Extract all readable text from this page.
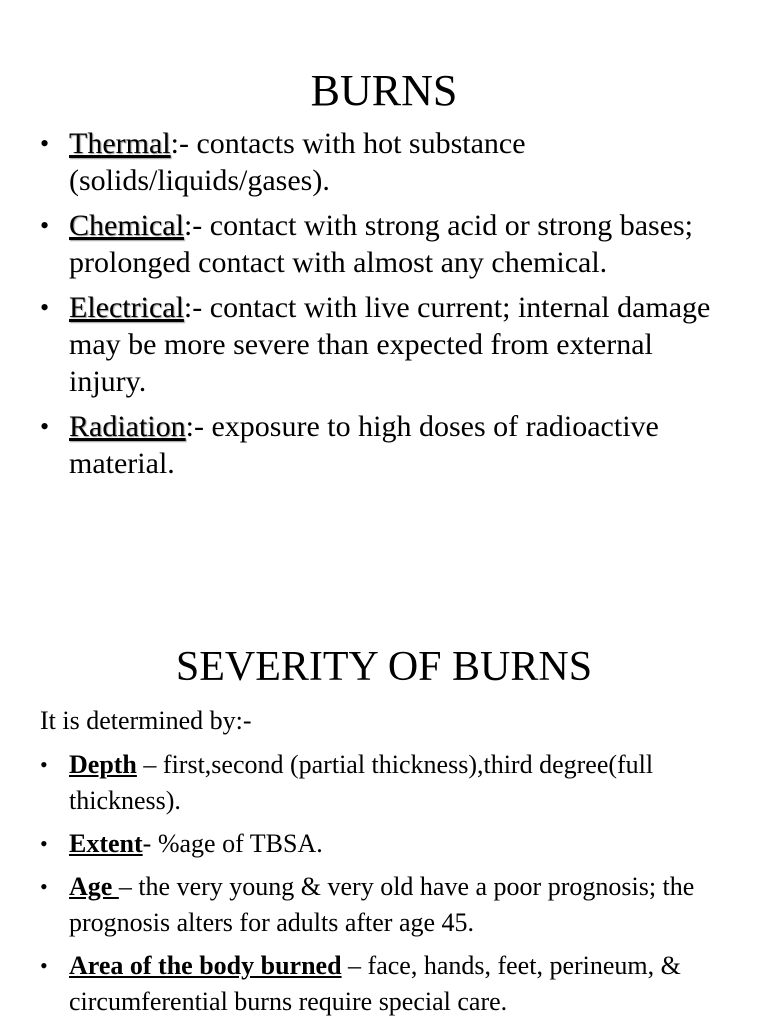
BURNS
• Thermal:- contacts with hot substance (solids/liquids/gases).
• Chemical:- contact with strong acid or strong bases; prolonged contact with almost any chemical.
• Electrical:- contact with live current; internal damage may be more severe than expected from external injury.
• Radiation:- exposure to high doses of radioactive material.
SEVERITY OF BURNS

It is determined by:-

• Depth – first,second (partial thickness),third degree(full thickness).
• Extent- %age of TBSA.
• Age – the very young & very old have a poor prognosis; the prognosis alters for adults after age 45.
• Area of the body burned – face, hands, feet, perineum, & circumferential burns require special care.
